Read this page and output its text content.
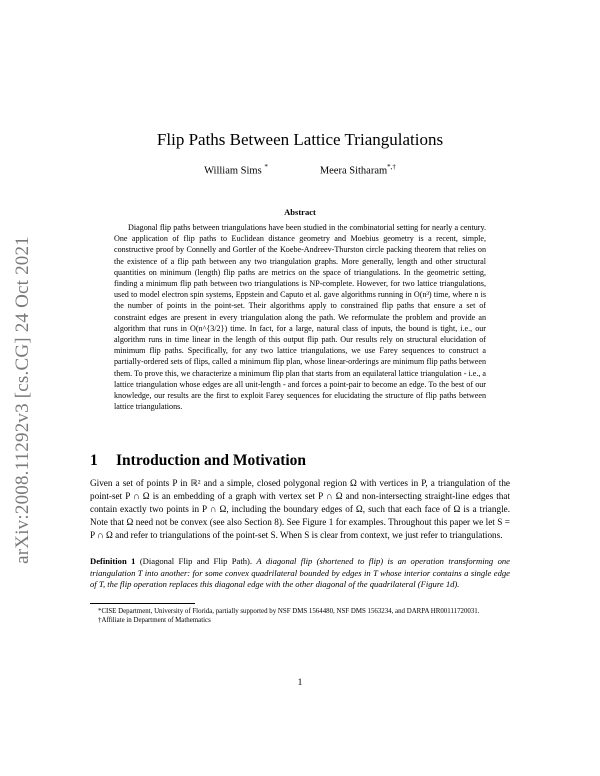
arXiv:2008.11292v3 [cs.CG] 24 Oct 2021
Flip Paths Between Lattice Triangulations
William Sims *	Meera Sitharam*,†
Abstract

Diagonal flip paths between triangulations have been studied in the combinatorial setting for nearly a century. One application of flip paths to Euclidean distance geometry and Moebius geometry is a recent, simple, constructive proof by Connelly and Gortler of the Koebe-Andreev-Thurston circle packing theorem that relies on the existence of a flip path between any two triangulation graphs. More generally, length and other structural quantities on minimum (length) flip paths are metrics on the space of triangulations. In the geometric setting, finding a minimum flip path between two triangulations is NP-complete. However, for two lattice triangulations, used to model electron spin systems, Eppstein and Caputo et al. gave algorithms running in O(n³) time, where n is the number of points in the point-set. Their algorithms apply to constrained flip paths that ensure a set of constraint edges are present in every triangulation along the path. We reformulate the problem and provide an algorithm that runs in O(n^{3/2}) time. In fact, for a large, natural class of inputs, the bound is tight, i.e., our algorithm runs in time linear in the length of this output flip path. Our results rely on structural elucidation of minimum flip paths. Specifically, for any two lattice triangulations, we use Farey sequences to construct a partially-ordered sets of flips, called a minimum flip plan, whose linear-orderings are minimum flip paths between them. To prove this, we characterize a minimum flip plan that starts from an equilateral lattice triangulation - i.e., a lattice triangulation whose edges are all unit-length - and forces a point-pair to become an edge. To the best of our knowledge, our results are the first to exploit Farey sequences for elucidating the structure of flip paths between lattice triangulations.

1 Introduction and Motivation

Given a set of points P in ℝ² and a simple, closed polygonal region Ω with vertices in P, a triangulation of the point-set P ∩ Ω is an embedding of a graph with vertex set P ∩ Ω and non-intersecting straight-line edges that contain exactly two points in P ∩ Ω, including the boundary edges of Ω, such that each face of Ω is a triangle. Note that Ω need not be convex (see also Section 8). See Figure 1 for examples. Throughout this paper we let S = P ∩ Ω and refer to triangulations of the point-set S. When S is clear from context, we just refer to triangulations.

Definition 1 (Diagonal Flip and Flip Path). A diagonal flip (shortened to flip) is an operation transforming one triangulation T into another: for some convex quadrilateral bounded by edges in T whose interior contains a single edge of T, the flip operation replaces this diagonal edge with the other diagonal of the quadrilateral (Figure 1d).

*CISE Department, University of Florida, partially supported by NSF DMS 1564480, NSF DMS 1563234, and DARPA HR00111720031.

†Affiliate in Department of Mathematics

1
